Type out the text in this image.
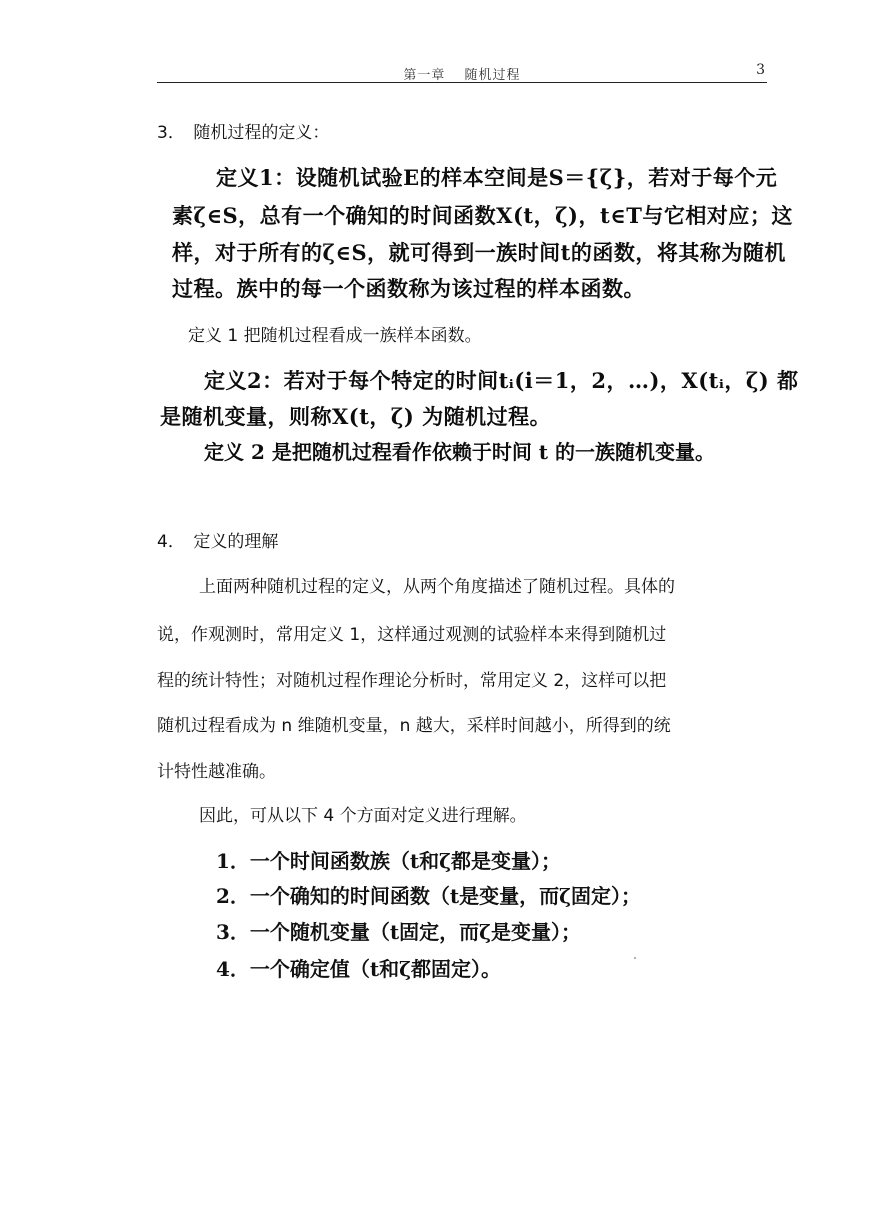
第一章　 随机过程	3
3．　随机过程的定义：
定义1：设随机试验E的样本空间是S＝{ζ}，若对于每个元
素ζ∈S，总有一个确知的时间函数X(t，ζ)，t∈T与它相对应；这
样，对于所有的ζ∈S，就可得到一族时间t的函数，将其称为随机
过程。族中的每一个函数称为该过程的样本函数。
定义 1 把随机过程看成一族样本函数。
定义2：若对于每个特定的时间tᵢ(i＝1，2，…)，X(tᵢ，ζ) 都
是随机变量，则称X(t，ζ) 为随机过程。
定义 2 是把随机过程看作依赖于时间 t 的一族随机变量。
4．　定义的理解
上面两种随机过程的定义，从两个角度描述了随机过程。具体的
说，作观测时，常用定义 1，这样通过观测的试验样本来得到随机过
程的统计特性；对随机过程作理论分析时，常用定义 2，这样可以把
随机过程看成为 n 维随机变量，n 越大，采样时间越小，所得到的统
计特性越准确。
因此，可从以下 4 个方面对定义进行理解。
1．一个时间函数族（t和ζ都是变量）；
2．一个确知的时间函数（t是变量，而ζ固定）；
3．一个随机变量（t固定，而ζ是变量）；
4．一个确定值（t和ζ都固定）。
